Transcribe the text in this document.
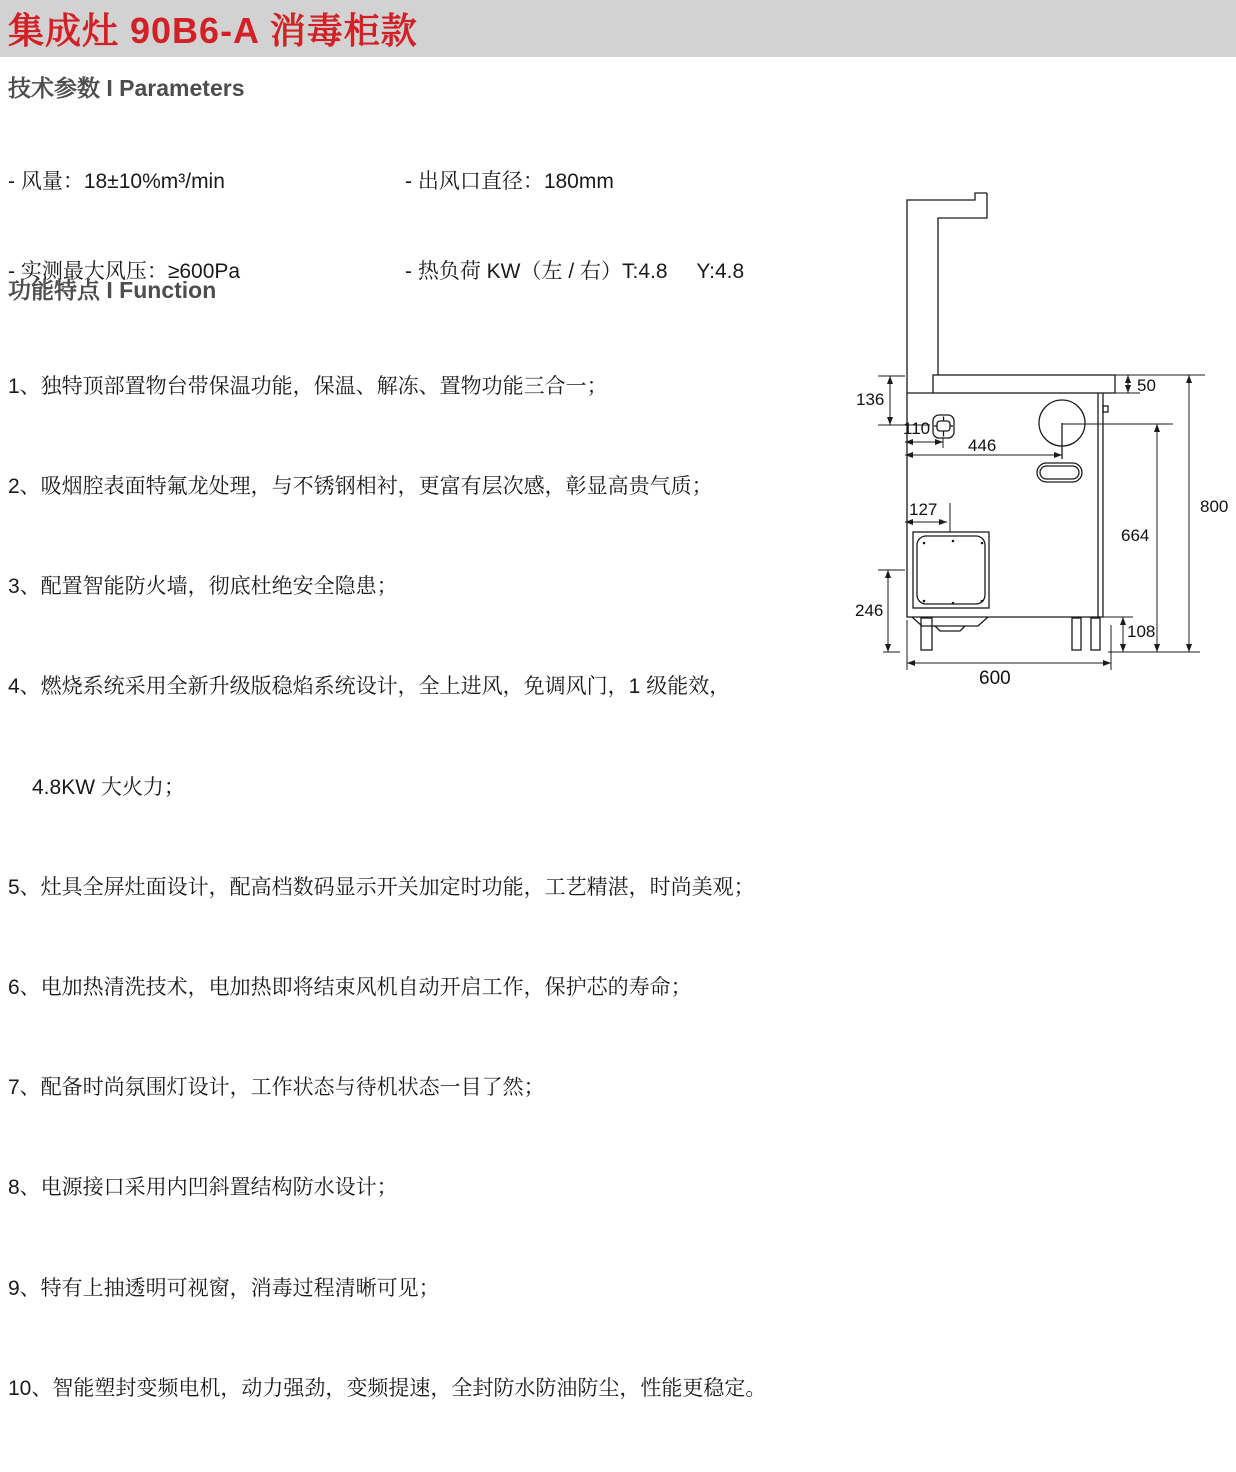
集成灶 90B6-A 消毒柜款
技术参数 I Parameters

- 风量：18±10%m³/min

- 实测最大风压：≥600Pa

- 出风口直径：180mm

- 热负荷 KW（左 / 右）T:4.8     Y:4.8

功能特点 I Function

1、独特顶部置物台带保温功能，保温、解冻、置物功能三合一；

2、吸烟腔表面特氟龙处理，与不锈钢相衬，更富有层次感，彰显高贵气质；

3、配置智能防火墙，彻底杜绝安全隐患；

4、燃烧系统采用全新升级版稳焰系统设计，全上进风，免调风门，1 级能效，

4.8KW 大火力；

5、灶具全屏灶面设计，配高档数码显示开关加定时功能，工艺精湛，时尚美观；

6、电加热清洗技术，电加热即将结束风机自动开启工作，保护芯的寿命；

7、配备时尚氛围灯设计，工作状态与待机状态一目了然；

8、电源接口采用内凹斜置结构防水设计；

9、特有上抽透明可视窗，消毒过程清晰可见；

10、智能塑封变频电机，动力强劲，变频提速，全封防水防油防尘，性能更稳定。

136
110
446
127
246
50
800
664
108
600
